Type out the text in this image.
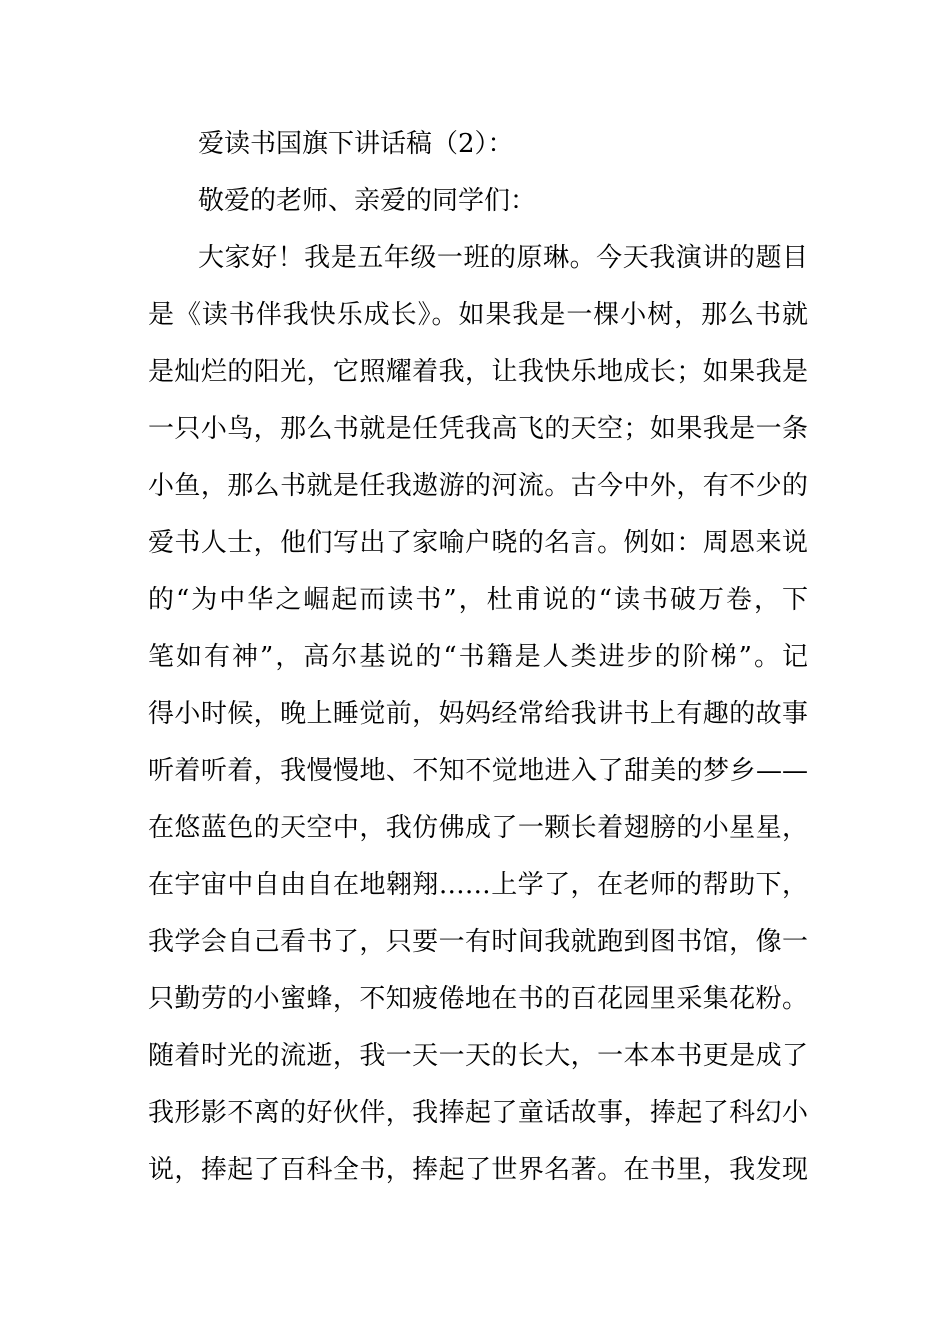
爱读书国旗下讲话稿（2）：
敬爱的老师、亲爱的同学们：
大家好！我是五年级一班的原琳。今天我演讲的题目
是《读书伴我快乐成长》。如果我是一棵小树，那么书就
是灿烂的阳光，它照耀着我，让我快乐地成长；如果我是
一只小鸟，那么书就是任凭我高飞的天空；如果我是一条
小鱼，那么书就是任我遨游的河流。古今中外，有不少的
爱书人士，他们写出了家喻户晓的名言。例如：周恩来说
的“为中华之崛起而读书”，杜甫说的“读书破万卷，下
笔如有神”，高尔基说的“书籍是人类进步的阶梯”。记
得小时候，晚上睡觉前，妈妈经常给我讲书上有趣的故事
听着听着，我慢慢地、不知不觉地进入了甜美的梦乡——
在悠蓝色的天空中，我仿佛成了一颗长着翅膀的小星星，
在宇宙中自由自在地翱翔……上学了，在老师的帮助下，
我学会自己看书了，只要一有时间我就跑到图书馆，像一
只勤劳的小蜜蜂，不知疲倦地在书的百花园里采集花粉。
随着时光的流逝，我一天一天的长大，一本本书更是成了
我形影不离的好伙伴，我捧起了童话故事，捧起了科幻小
说，捧起了百科全书，捧起了世界名著。在书里，我发现
